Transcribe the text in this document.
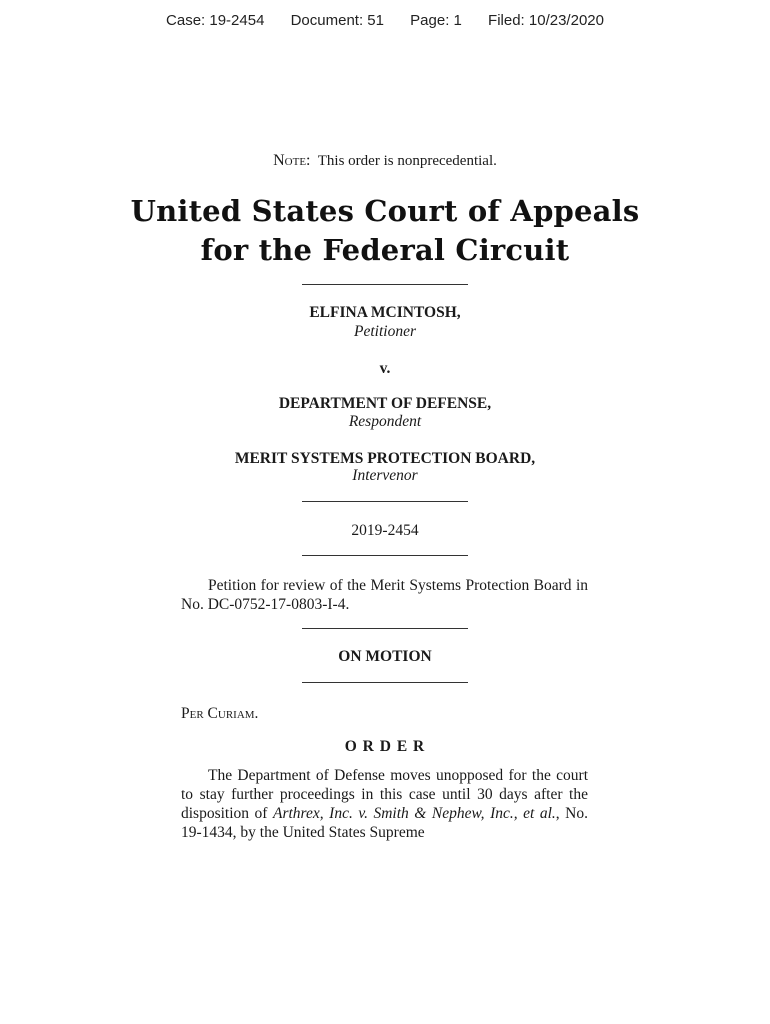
Case: 19-2454 Document: 51 Page: 1 Filed: 10/23/2020
Note: This order is nonprecedential.
United States Court of Appeals
for the Federal Circuit
ELFINA MCINTOSH,
Petitioner
v.
DEPARTMENT OF DEFENSE,
Respondent
MERIT SYSTEMS PROTECTION BOARD,
Intervenor
2019-2454
Petition for review of the Merit Systems Protection Board in No. DC-0752-17-0803-I-4.
ON MOTION
Per Curiam.
O R D E R
The Department of Defense moves unopposed for the court to stay further proceedings in this case until 30 days after the disposition of Arthrex, Inc. v. Smith & Nephew, Inc., et al., No. 19-1434, by the United States Supreme
